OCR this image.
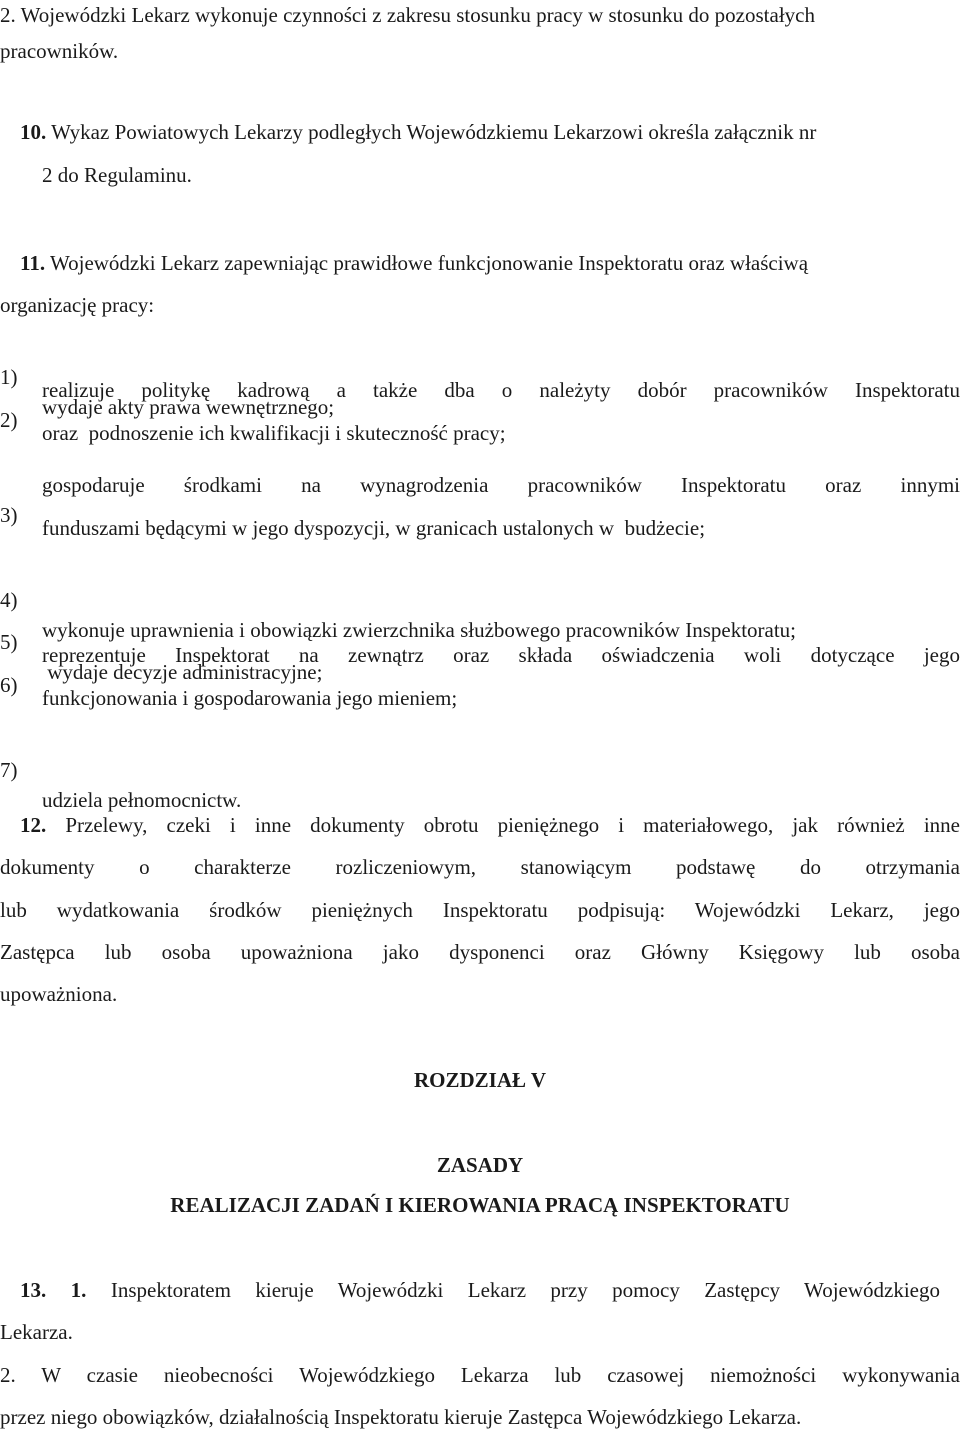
2. Wojewódzki Lekarz wykonuje czynności z zakresu stosunku pracy w stosunku do pozostałych
pracowników.
10. Wykaz Powiatowych Lekarzy podległych Wojewódzkiemu Lekarzowi określa załącznik nr
2 do Regulaminu.
11. Wojewódzki Lekarz zapewniając prawidłowe funkcjonowanie Inspektoratu oraz właściwą
organizację pracy:

1)

wydaje akty prawa wewnętrznego;

2)

realizuje politykę kadrową a także dba o należyty dobór pracowników Inspektoratu
oraz  podnoszenie ich kwalifikacji i skuteczność pracy;

3)

gospodaruje środkami na wynagrodzenia pracowników Inspektoratu oraz innymi
funduszami będącymi w jego dyspozycji, w granicach ustalonych w  budżecie;

4)

wykonuje uprawnienia i obowiązki zwierzchnika służbowego pracowników Inspektoratu;

5)

wydaje decyzje administracyjne;

6)

reprezentuje Inspektorat na zewnątrz oraz składa oświadczenia woli dotyczące jego
funkcjonowania i gospodarowania jego mieniem;

7)

udziela pełnomocnictw.

12. Przelewy, czeki i inne dokumenty obrotu pieniężnego i materiałowego, jak również inne
dokumenty o charakterze rozliczeniowym, stanowiącym podstawę do otrzymania
lub wydatkowania środków pieniężnych Inspektoratu podpisują: Wojewódzki Lekarz, jego
Zastępca lub osoba upoważniona jako dysponenci oraz Główny Księgowy lub osoba
upoważniona.
ROZDZIAŁ V
ZASADY
REALIZACJI ZADAŃ I KIEROWANIA PRACĄ INSPEKTORATU
13. 1. Inspektoratem kieruje Wojewódzki Lekarz przy pomocy Zastępcy Wojewódzkiego
Lekarza.
2. W czasie nieobecności Wojewódzkiego Lekarza lub czasowej niemożności wykonywania
przez niego obowiązków, działalnością Inspektoratu kieruje Zastępca Wojewódzkiego Lekarza.
